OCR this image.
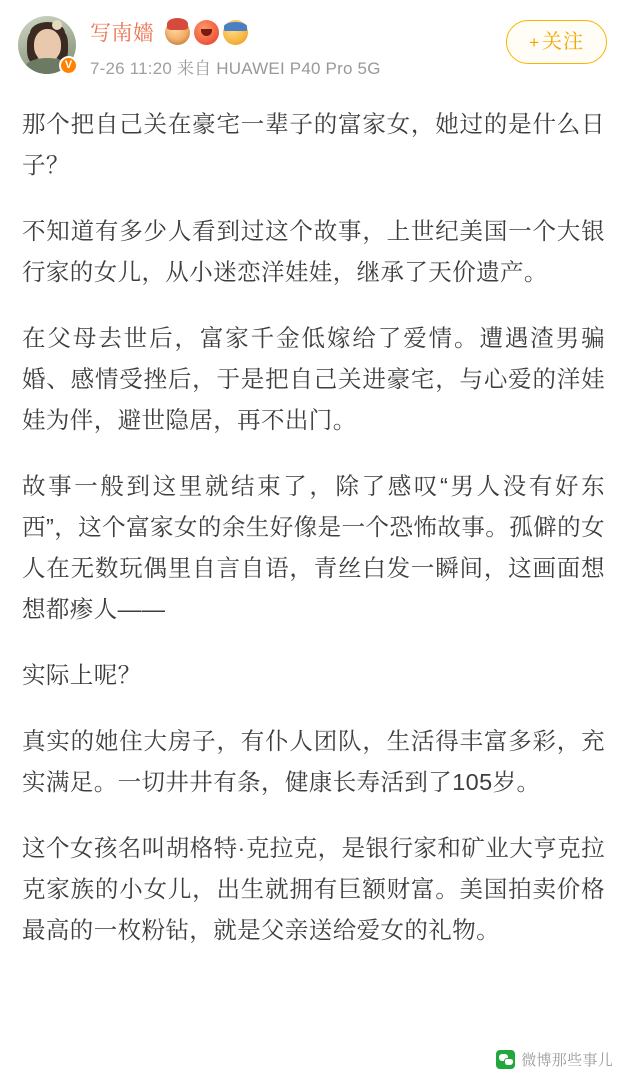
V
写南嬙
7-26 11:20 来自 HUAWEI P40 Pro 5G
+ 关注

那个把自己关在豪宅一辈子的富家女，她过的是什么日子？

不知道有多少人看到过这个故事，上世纪美国一个大银行家的女儿，从小迷恋洋娃娃，继承了天价遗产。

在父母去世后，富家千金低嫁给了爱情。遭遇渣男骗婚、感情受挫后，于是把自己关进豪宅，与心爱的洋娃娃为伴，避世隐居，再不出门。

故事一般到这里就结束了，除了感叹“男人没有好东西”，这个富家女的余生好像是一个恐怖故事。孤僻的女人在无数玩偶里自言自语，青丝白发一瞬间，这画面想想都瘆人——

实际上呢？

真实的她住大房子，有仆人团队，生活得丰富多彩，充实满足。一切井井有条，健康长寿活到了105岁。

这个女孩名叫胡格特·克拉克，是银行家和矿业大亨克拉克家族的小女儿，出生就拥有巨额财富。美国拍卖价格最高的一枚粉钻，就是父亲送给爱女的礼物。

微博那些事儿
